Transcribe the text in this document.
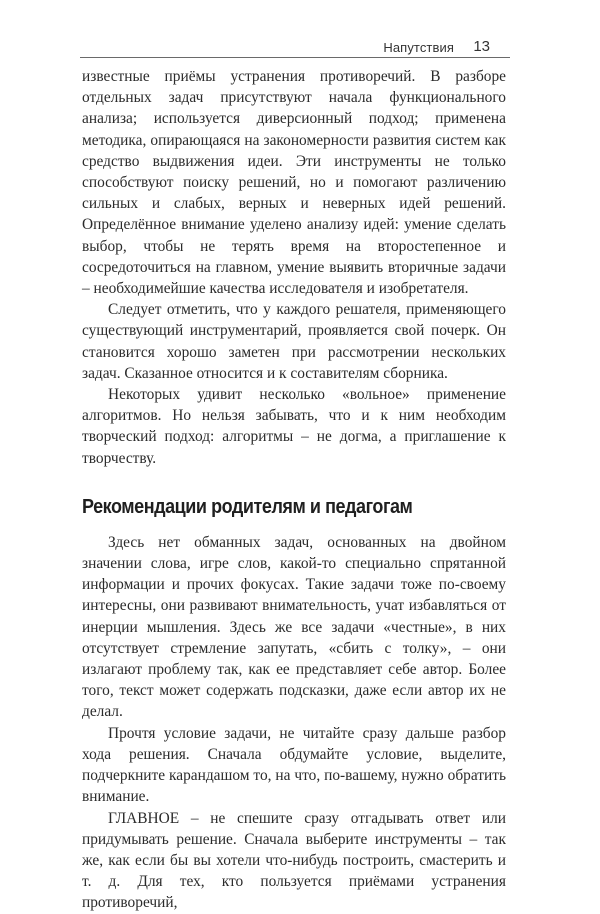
Напутствия 13

известные приёмы устранения противоречий. В разборе отдельных задач присутствуют начала функционального анализа; используется диверсионный подход; применена методика, опирающаяся на закономерности развития систем как средство выдвижения идеи. Эти инструменты не только способствуют поиску решений, но и помогают различению сильных и слабых, верных и неверных идей решений. Определённое внимание уделено анализу идей: умение сделать выбор, чтобы не терять время на второстепенное и сосредоточиться на главном, умение выявить вторичные задачи – необходимейшие качества исследователя и изобретателя.

Следует отметить, что у каждого решателя, применяющего существующий инструментарий, проявляется свой почерк. Он становится хорошо заметен при рассмотрении нескольких задач. Сказанное относится и к составителям сборника.

Некоторых удивит несколько «вольное» применение алгоритмов. Но нельзя забывать, что и к ним необходим творческий подход: алгоритмы – не догма, а приглашение к творчеству.

Рекомендации родителям и педагогам

Здесь нет обманных задач, основанных на двойном значении слова, игре слов, какой-то специально спрятанной информации и прочих фокусах. Такие задачи тоже по-своему интересны, они развивают внимательность, учат избавляться от инерции мышления. Здесь же все задачи «честные», в них отсутствует стремление запутать, «сбить с толку», – они излагают проблему так, как ее представляет себе автор. Более того, текст может содержать подсказки, даже если автор их не делал.

Прочтя условие задачи, не читайте сразу дальше разбор хода решения. Сначала обдумайте условие, выделите, подчеркните карандашом то, на что, по-вашему, нужно обратить внимание.

ГЛАВНОЕ – не спешите сразу отгадывать ответ или придумывать решение. Сначала выберите инструменты – так же, как если бы вы хотели что-нибудь построить, смастерить и т. д. Для тех, кто пользуется приёмами устранения противоречий,
